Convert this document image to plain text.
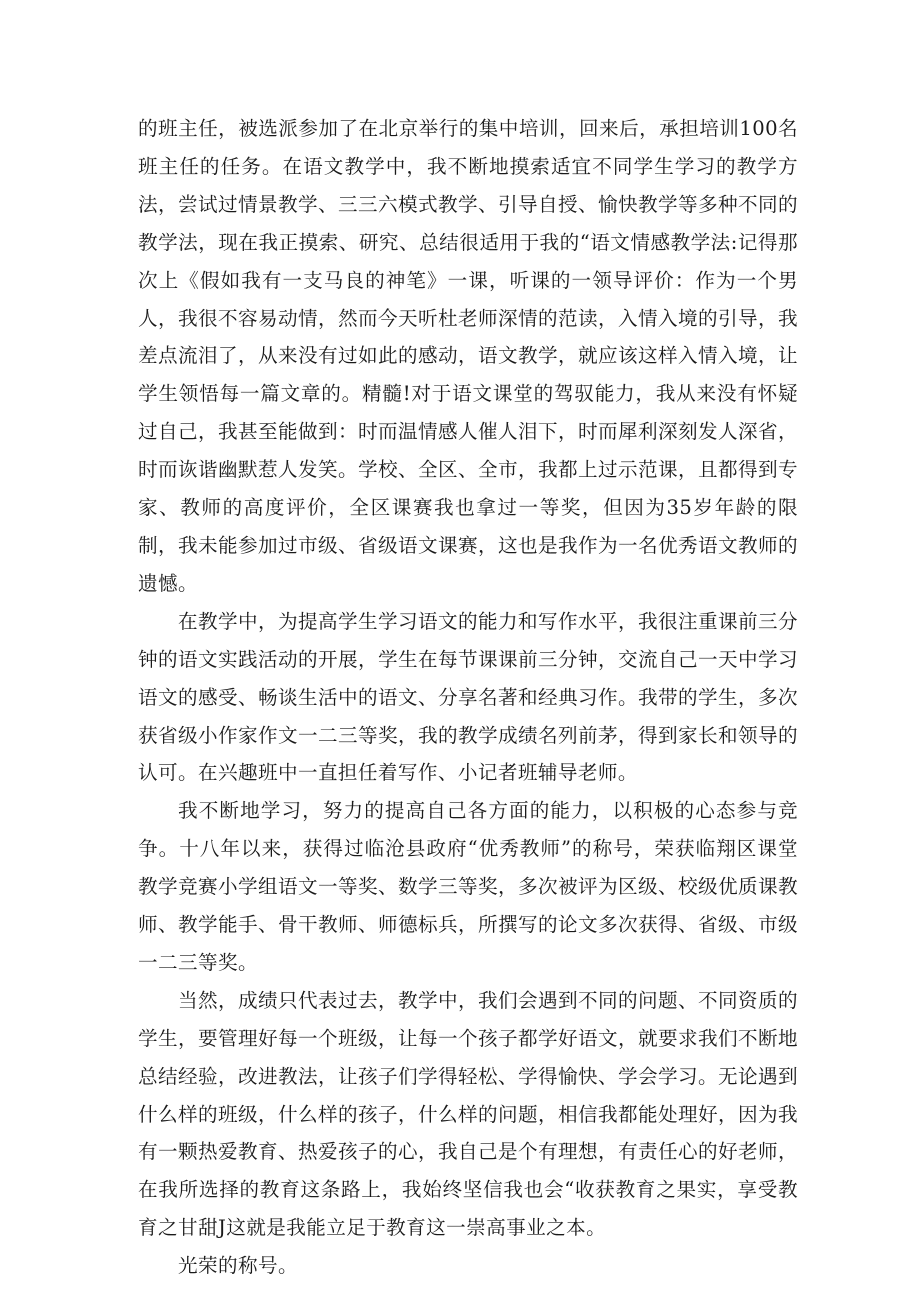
的班主任，被选派参加了在北京举行的集中培训，回来后，承担培训100名班主任的任务。在语文教学中，我不断地摸索适宜不同学生学习的教学方法，尝试过情景教学、三三六模式教学、引导自授、愉快教学等多种不同的教学法，现在我正摸索、研究、总结很适用于我的“语文情感教学法:记得那次上《假如我有一支马良的神笔》一课，听课的一领导评价：作为一个男人，我很不容易动情，然而今天听杜老师深情的范读，入情入境的引导，我差点流泪了，从来没有过如此的感动，语文教学，就应该这样入情入境，让学生领悟每一篇文章的。精髓!对于语文课堂的驾驭能力，我从来没有怀疑过自己，我甚至能做到：时而温情感人催人泪下，时而犀利深刻发人深省，时而诙谐幽默惹人发笑。学校、全区、全市，我都上过示范课，且都得到专家、教师的高度评价，全区课赛我也拿过一等奖，但因为35岁年龄的限制，我未能参加过市级、省级语文课赛，这也是我作为一名优秀语文教师的遗憾。

在教学中，为提高学生学习语文的能力和写作水平，我很注重课前三分钟的语文实践活动的开展，学生在每节课课前三分钟，交流自己一天中学习语文的感受、畅谈生活中的语文、分享名著和经典习作。我带的学生，多次获省级小作家作文一二三等奖，我的教学成绩名列前茅，得到家长和领导的认可。在兴趣班中一直担任着写作、小记者班辅导老师。

我不断地学习，努力的提高自己各方面的能力，以积极的心态参与竞争。十八年以来，获得过临沧县政府“优秀教师”的称号，荣获临翔区课堂教学竞赛小学组语文一等奖、数学三等奖，多次被评为区级、校级优质课教师、教学能手、骨干教师、师德标兵，所撰写的论文多次获得、省级、市级一二三等奖。

当然，成绩只代表过去，教学中，我们会遇到不同的问题、不同资质的学生，要管理好每一个班级，让每一个孩子都学好语文，就要求我们不断地总结经验，改进教法，让孩子们学得轻松、学得愉快、学会学习。无论遇到什么样的班级，什么样的孩子，什么样的问题，相信我都能处理好，因为我有一颗热爱教育、热爱孩子的心，我自己是个有理想，有责任心的好老师，在我所选择的教育这条路上，我始终坚信我也会“收获教育之果实，享受教育之甘甜J这就是我能立足于教育这一崇高事业之本。

光荣的称号。
